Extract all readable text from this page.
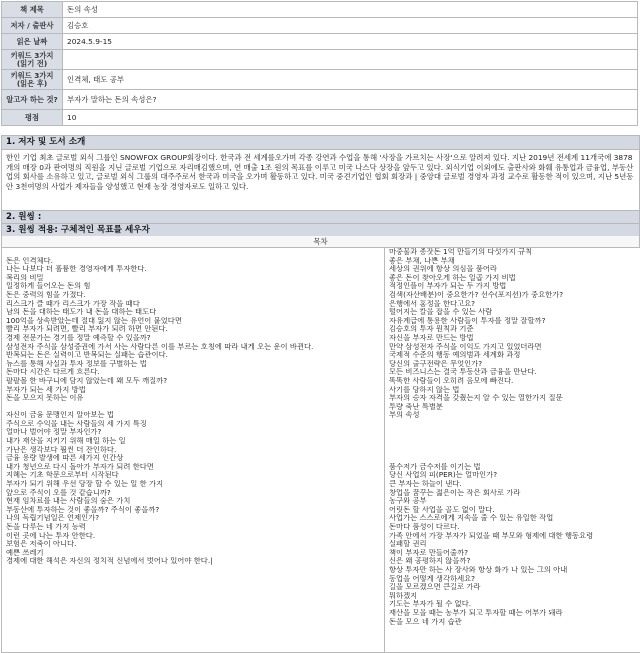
책 제목	돈의 속성
저자 / 출판사	김승호
읽은 날짜	2024.5.9-15
키워드 3가지 (읽기 전)	
키워드 3가지 (읽은 후)	인격체, 태도 공부
알고자 하는 것?	부자가 말하는 돈의 속성은?
평점	10
1. 저자 및 도서 소개
한인 기업 최초 글로벌 외식 그룹인 SNOWFOX GROUP회장이다. 한국과 전 세계를오가며 각종 강연과 수업을 통해 '사장을 가르치는 사장'으로 알려져 있다. 지난 2019년 전세계 11개국에 3878개의 매장 0과 판여명의 직원을 지닌 글로벌 기업으로 자리매김했으며, 연 매출 1조 원의 목표를 이루고 미국 나스닥 상장을 앞두고 있다. 외식기업 이외에도 출판사와 화훼 유통업과 금융업, 부동산업의 회사를 소유하고 있고, 글로벌 외식 그룹의 대주주로서 한국과 미국을 오가며 활동하고 있다. 미국 중견기업인 협회 회장과 | 중앙대 글로벌 경영자 과정 교수로 활동한 적이 있으며, 지난 5년동안 3천여명의 사업가 제자들을 양성했고 현재 농장 경영자로도 일하고 있다.
2. 원씽 :
3. 원씽 적용: 구체적인 목표를 세우자
목차
돈은 인격체다.
나는 나보다 더 훌륭한 경영자에게 투자한다.
복리의 비밀
일정하게 들어오는 돈의 힘
돈은 중력의 힘을 가졌다.
리스크가 클 때가 리스크가 가장 작을 때다
남의 돈을 대하는 태도가 내 돈을 대하는 태도다
100억을 상속받았는데 절대 잃지 않는 유언이 붙었다면
빨리 부자가 되려면, 빨리 부자가 되려 하면 안된다.
경제 전문가는 경기를 정말 예측할 수 있을까?
삼성전자 주식을 삼성증권에 가서 사는 사람다른 이를 부르는 호칭에 따라 내게 오는 운이 바뀐다.
반복되는 돈은 실력이고 반복되는 실패는 습관이다.
뉴스를 통해 사실과 투자 정보를 구별하는 법
돈마다 시간은 다르게 흐른다.
팔팔볼 한 바구니에 담지 않았는데 왜 모두 깨질까?
부자가 되는 세 가지 방법
돈을 모으지 못하는 이유
자신이 금융 문맹인지 알아보는 법
주식으로 수익을 내는 사람들의 세 가지 특징
얼마나 벌어야 정말 부자인가?
내가 재산을 지키기 위해 매일 하는 일
가난은 생각보다 훨씬 더 잔인하다.
금융 용량 발생에 따른 세가지 인간상
내가 청년으로 다시 돌아가 부자가 되려 한다면
지혜는 기초 학문으로부터 시작된다
부자가 되기 위해 우선 당장 할 수 있는 일 한 가지
앞으로 주식이 오를 것 같습니까?
현재 임차료를 내는 사람들의 숨은 가치
부동산에 투자하는 것이 좋을까? 주식이 좋을까?
나의 독립기념일은 언제인가?
돈을 다루는 네 가지 능력
이런 곳에 나는 투자 안한다.
보험은 저축이 아니다.
예쁜 쓰레기
경제에 대한 해석은 자신의 정치적 신념에서 벗어나 있어야 한다.|
마중물과 종잣돈 1억 만들기의 다섯가지 규칙
좋은 부채, 나쁜 부채
세상의 권위에 항상 의심을 품어라
좋은 돈이 찾아오게 하는 일곱 가지 비법
적정인플이 부자가 되는 두 가지 방법
검색(자산배분)이 중요한가? 선수(포지션)가 중요한가?
은행에서 홍정을 한다고요?
떨어지는 칼을 잡을 수 있는 사람
자유계급에 통용한 사람들이 투자를 정말 잘할까?
김승호의 투자 원칙과 기준
자신을 부자로 만드는 방법
만약 삼성전자 주식을 이익도 가지고 있었더라면
국제적 수준의 행동 예의범과 세계화 과정
당신의 출구전략은 무엇인가?
모든 비즈니스는 결국 투동산과 금융을 만난다.
똑똑한 사람들이 오히려 음모에 빠진다.
사기를 당하지 않는 법
부자의 승자 자격을 갖췄는지 알 수 있는 열한가지 질문
투량 축난 특별분
부의 속성
품수저가 금수저를 이기는 법
당신 사업의 피(PER)는 얼마인가?
큰 부자는 하늘이 낸다.
창업을 꿈꾸는 젊은이는 작은 회사로 가라
농구와 공부
어릿돈 할 사업을 골도 없이 말다.
사업가는 스스로에게 지속을 줄 수 있는 유일한 작업
돈마다 품성이 다르다.
가족 안에서 가장 부자가 되었을 때 부모와 형제에 대한 행동요령
실패할 권리
책이 부자로 만들어줄까?
신은 왜 공평하지 않을까?
항상 투자만 하는 사 장사와 항상 화가 나 있는 그의 아내
동업을 어떻게 생각하세요?
길을 모르겠으면 큰길로 가라
뭐하겠지
기도는 부자가 될 수 없다.
재산을 모을 때는 농부가 되고 투자할 때는 어부가 돼라
돈을 모으 네 가지 습관
